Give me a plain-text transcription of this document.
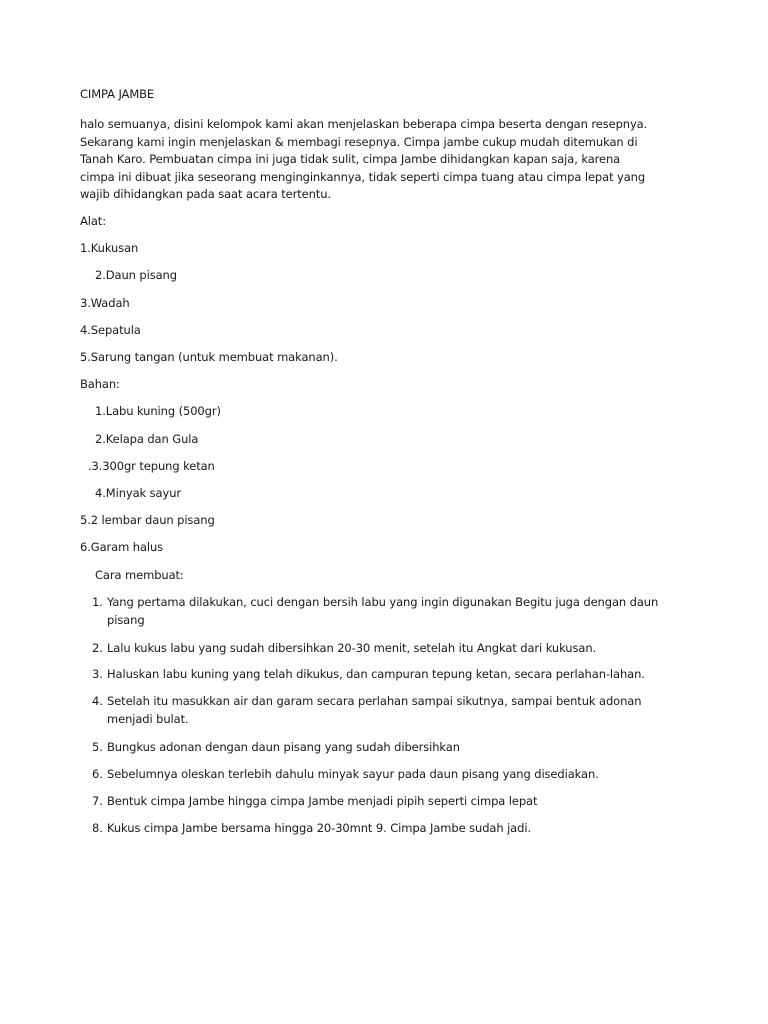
CIMPA JAMBE

halo semuanya, disini kelompok kami akan menjelaskan beberapa cimpa beserta dengan resepnya.
Sekarang kami ingin menjelaskan & membagi resepnya. Cimpa jambe cukup mudah ditemukan di
Tanah Karo. Pembuatan cimpa ini juga ti̇dak sulit, cimpa Jambe dihidangkan kapan saja, karena
cimpa ini dibuat jika seseorang menginginkannya, ti̇dak seperti̇ cimpa tuang atau cimpa lepat yang
wajib dihidangkan pada saat acara tertentu.

Alat:

1.Kukusan

2.Daun pisang

3.Wadah

4.Sepatula

5.Sarung tangan (untuk membuat makanan).

Bahan:

1.Labu kuning (500gr)

2.Kelapa dan Gula

.3.300gr tepung ketan

4.Minyak sayur

5.2 lembar daun pisang

6.Garam halus

Cara membuat:

1. Yang pertama dilakukan, cuci dengan bersih labu yang ingin digunakan Begitu juga dengan daun
pisang
2. Lalu kukus labu yang sudah dibersihkan 20-30 menit, setelah itu Angkat dari kukusan.
3. Haluskan labu kuning yang telah dikukus, dan campuran tepung ketan, secara perlahan-lahan.
4. Setelah itu masukkan air dan garam secara perlahan sampai sikutnya, sampai bentuk adonan
menjadi bulat.
5. Bungkus adonan dengan daun pisang yang sudah dibersihkan
6. Sebelumnya oleskan terlebih dahulu minyak sayur pada daun pisang yang disediakan.
7. Bentuk cimpa Jambe hingga cimpa Jambe menjadi pipih seperti̇ cimpa lepat
8. Kukus cimpa Jambe bersama hingga 20-30mnt 9. Cimpa Jambe sudah jadi.
